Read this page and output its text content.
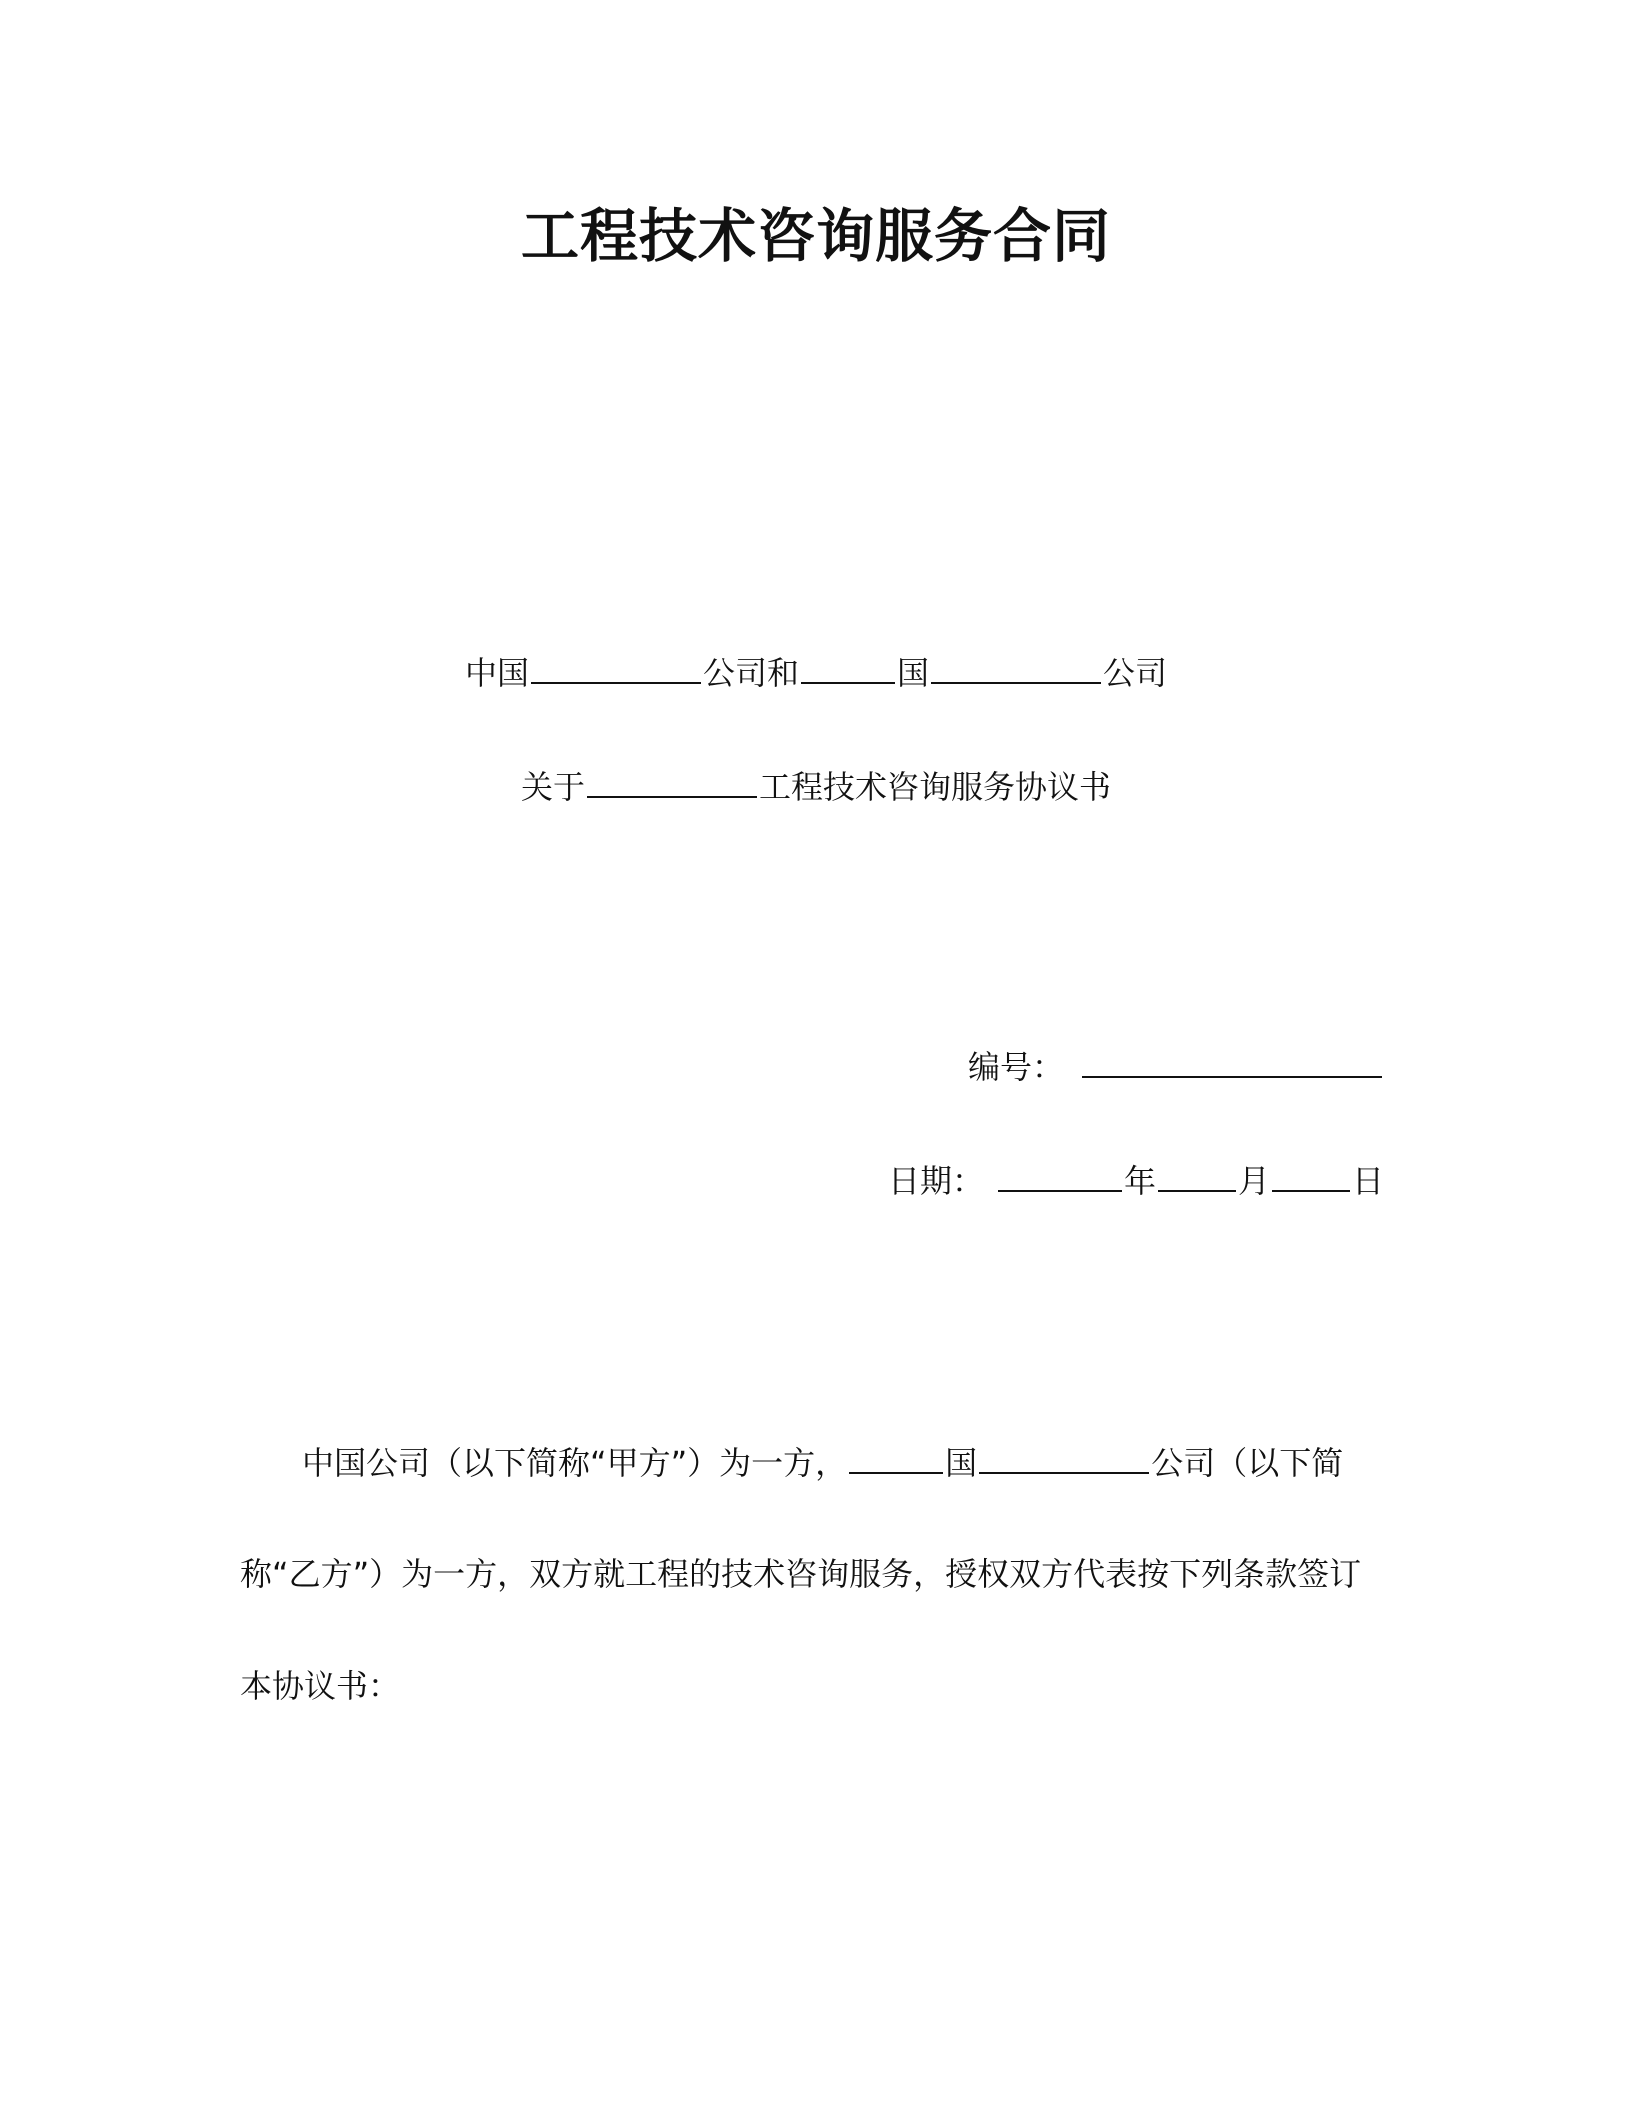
工程技术咨询服务合同
中国	公司和	国	公司
关于	工程技术咨询服务协议书
编号：
日期：	年	月	日
中国公司（以下简称“甲方”）为一方，	国	公司（以下简
称“乙方”）为一方，双方就工程的技术咨询服务，授权双方代表按下列条款签订
本协议书：
